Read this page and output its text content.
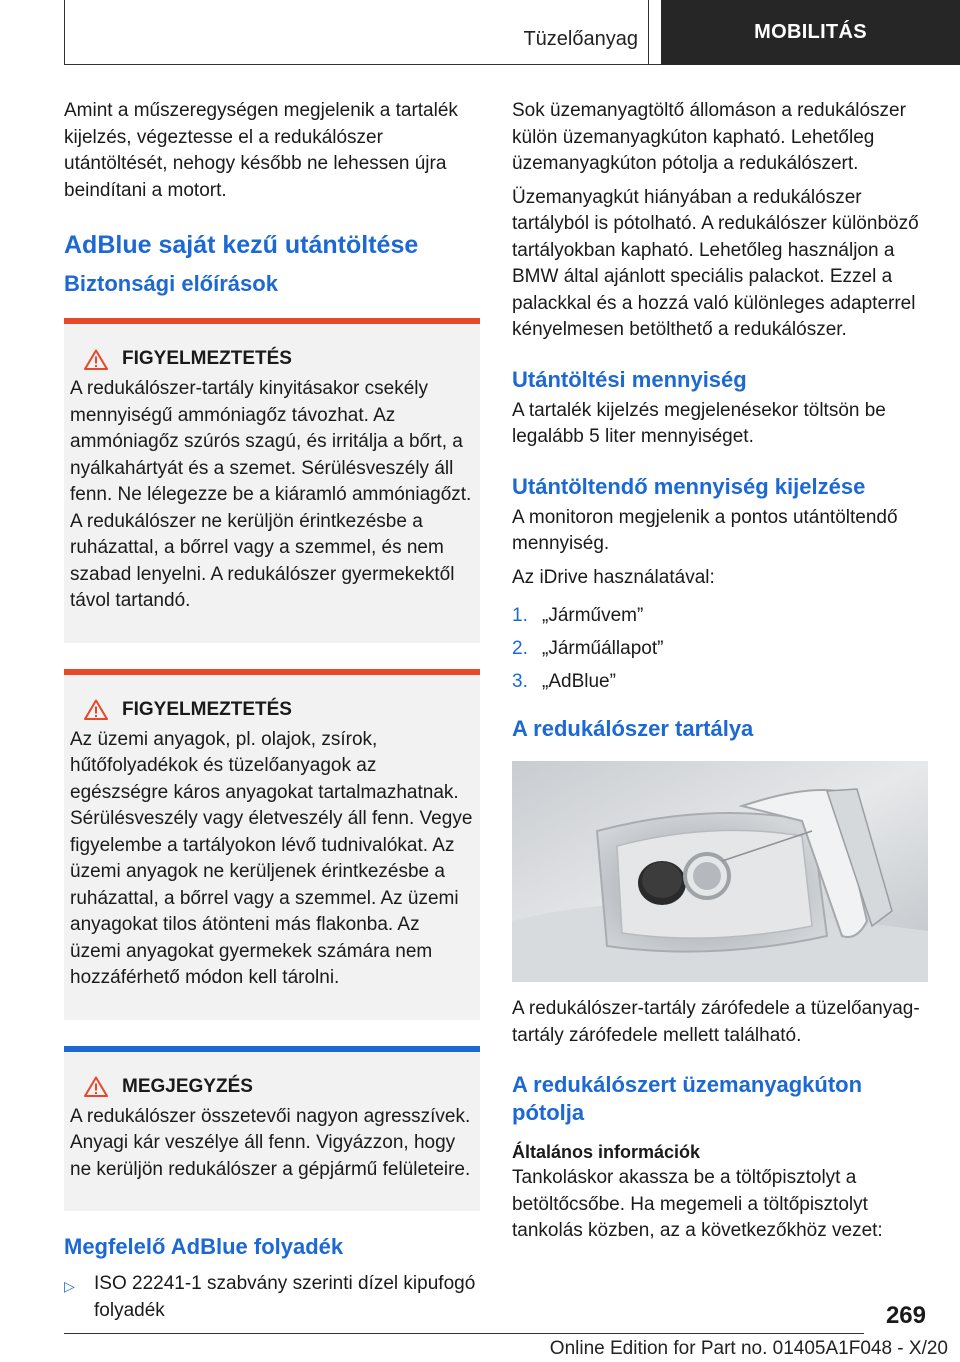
Tüzelőanyag	MOBILITÁS

Amint a műszeregységen megjelenik a tartalék kijelzés, végeztesse el a redukálószer utántöltését, nehogy később ne lehessen újra beindítani a motort.

AdBlue saját kezű utántöltése
Biztonsági előírások
FIGYELMEZTETÉS

A redukálószer-tartály kinyitásakor csekély mennyiségű ammóniagőz távozhat. Az ammóniagőz szúrós szagú, és irritálja a bőrt, a nyálkahártyát és a szemet. Sérülésveszély áll fenn. Ne lélegezze be a kiáramló ammóniagőzt. A redukálószer ne kerüljön érintkezésbe a ruházattal, a bőrrel vagy a szemmel, és nem szabad lenyelni. A redukálószer gyermekektől távol tartandó.

FIGYELMEZTETÉS

Az üzemi anyagok, pl. olajok, zsírok, hűtőfolyadékok és tüzelőanyagok az egészségre káros anyagokat tartalmazhatnak. Sérülésveszély vagy életveszély áll fenn. Vegye figyelembe a tartályokon lévő tudnivalókat. Az üzemi anyagok ne kerüljenek érintkezésbe a ruházattal, a bőrrel vagy a szemmel. Az üzemi anyagokat tilos átönteni más flakonba. Az üzemi anyagokat gyermekek számára nem hozzáférhető módon kell tárolni.

MEGJEGYZÉS

A redukálószer összetevői nagyon agresszívek. Anyagi kár veszélye áll fenn. Vigyázzon, hogy ne kerüljön redukálószer a gépjármű felületeire.

Megfelelő AdBlue folyadék
▷	ISO 22241-1 szabvány szerinti dízel kipufogó folyadék

Sok üzemanyagtöltő állomáson a redukálószer külön üzemanyagkúton kapható. Lehetőleg üzemanyagkúton pótolja a redukálószert.

Üzemanyagkút hiányában a redukálószer tartályból is pótolható. A redukálószer különböző tartályokban kapható. Lehetőleg használjon a BMW által ajánlott speciális palackot. Ezzel a palackkal és a hozzá való különleges adapterrel kényelmesen betölthető a redukálószer.

Utántöltési mennyiség

A tartalék kijelzés megjelenésekor töltsön be legalább 5 liter mennyiséget.

Utántöltendő mennyiség kijelzése

A monitoron megjelenik a pontos utántöltendő mennyiség.

Az iDrive használatával:

1. „Járművem”
2. „Járműállapot”
3. „AdBlue”
A redukálószer tartálya

A redukálószer-tartály zárófedele a tüzelőanyag-tartály zárófedele mellett található.

A redukálószert üzemanyagkúton pótolja
Általános információk

Tankoláskor akassza be a töltőpisztolyt a betöltőcsőbe. Ha megemeli a töltőpisztolyt tankolás közben, az a következőkhöz vezet:

269
Online Edition for Part no. 01405A1F048 - X/20
